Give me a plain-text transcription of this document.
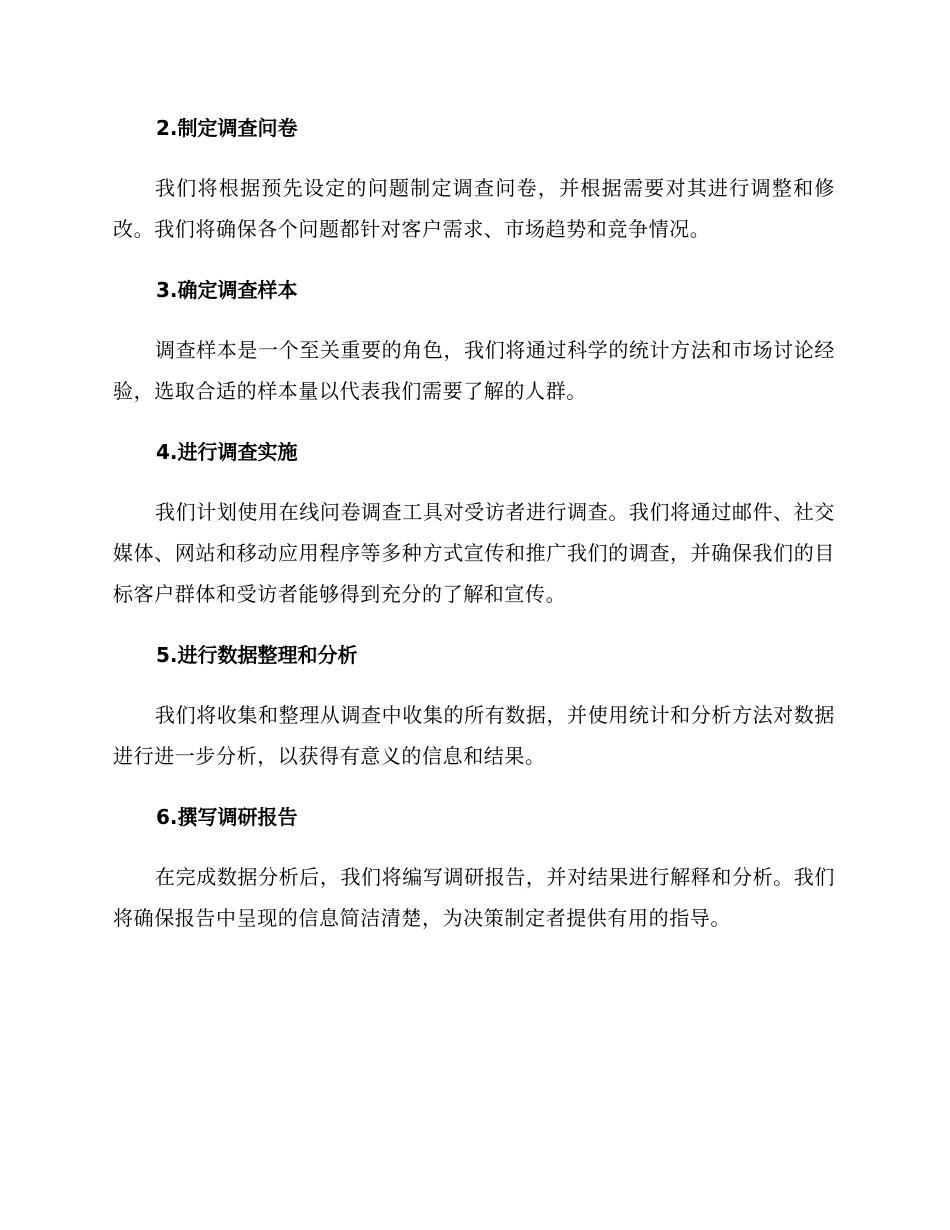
2.制定调查问卷

我们将根据预先设定的问题制定调查问卷，并根据需要对其进行调整和修改。我们将确保各个问题都针对客户需求、市场趋势和竞争情况。

3.确定调查样本

调查样本是一个至关重要的角色，我们将通过科学的统计方法和市场讨论经验，选取合适的样本量以代表我们需要了解的人群。

4.进行调查实施

我们计划使用在线问卷调查工具对受访者进行调查。我们将通过邮件、社交媒体、网站和移动应用程序等多种方式宣传和推广我们的调查，并确保我们的目标客户群体和受访者能够得到充分的了解和宣传。

5.进行数据整理和分析

我们将收集和整理从调查中收集的所有数据，并使用统计和分析方法对数据进行进一步分析，以获得有意义的信息和结果。

6.撰写调研报告

在完成数据分析后，我们将编写调研报告，并对结果进行解释和分析。我们将确保报告中呈现的信息简洁清楚，为决策制定者提供有用的指导。
